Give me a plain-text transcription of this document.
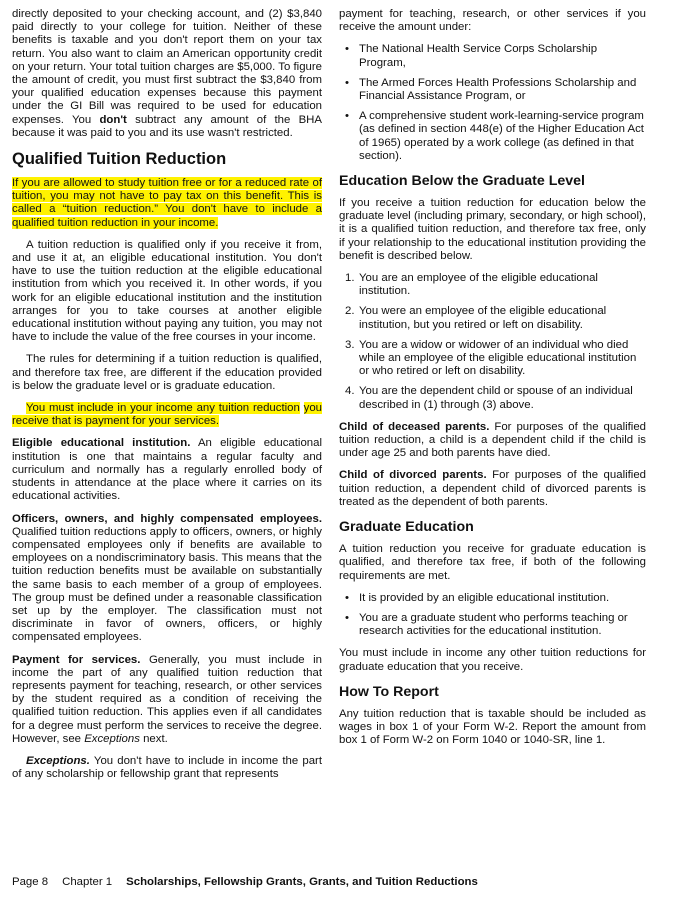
directly deposited to your checking account, and (2) $3,840 paid directly to your college for tuition. Neither of these benefits is taxable and you don't report them on your tax return. You also want to claim an American opportunity credit on your return. Your total tuition charges are $5,000. To figure the amount of credit, you must first subtract the $3,840 from your qualified education expenses because this payment under the GI Bill was required to be used for education expenses. You don't subtract any amount of the BHA because it was paid to you and its use wasn't restricted.

Qualified Tuition Reduction

If you are allowed to study tuition free or for a reduced rate of tuition, you may not have to pay tax on this benefit. This is called a “tuition reduction.” You don't have to include a qualified tuition reduction in your income.

A tuition reduction is qualified only if you receive it from, and use it at, an eligible educational institution. You don't have to use the tuition reduction at the eligible educational institution from which you received it. In other words, if you work for an eligible educational institution and the institution arranges for you to take courses at another eligible educational institution without paying any tuition, you may not have to include the value of the free courses in your income.

The rules for determining if a tuition reduction is qualified, and therefore tax free, are different if the education provided is below the graduate level or is graduate education.

You must include in your income any tuition reduction you receive that is payment for your services.

Eligible educational institution. An eligible educational institution is one that maintains a regular faculty and curriculum and normally has a regularly enrolled body of students in attendance at the place where it carries on its educational activities.

Officers, owners, and highly compensated employees. Qualified tuition reductions apply to officers, owners, or highly compensated employees only if benefits are available to employees on a nondiscriminatory basis. This means that the tuition reduction benefits must be available on substantially the same basis to each member of a group of employees. The group must be defined under a reasonable classification set up by the employer. The classification must not discriminate in favor of owners, officers, or highly compensated employees.

Payment for services. Generally, you must include in income the part of any qualified tuition reduction that represents payment for teaching, research, or other services by the student required as a condition of receiving the qualified tuition reduction. This applies even if all candidates for a degree must perform the services to receive the degree. However, see Exceptions next.

Exceptions. You don't have to include in income the part of any scholarship or fellowship grant that represents

payment for teaching, research, or other services if you receive the amount under:

• The National Health Service Corps Scholarship Program,
• The Armed Forces Health Professions Scholarship and Financial Assistance Program, or
• A comprehensive student work-learning-service program (as defined in section 448(e) of the Higher Education Act of 1965) operated by a work college (as defined in that section).
Education Below the Graduate Level

If you receive a tuition reduction for education below the graduate level (including primary, secondary, or high school), it is a qualified tuition reduction, and therefore tax free, only if your relationship to the educational institution providing the benefit is described below.

1. You are an employee of the eligible educational institution.
2. You were an employee of the eligible educational institution, but you retired or left on disability.
3. You are a widow or widower of an individual who died while an employee of the eligible educational institution or who retired or left on disability.
4. You are the dependent child or spouse of an individual described in (1) through (3) above.

Child of deceased parents. For purposes of the qualified tuition reduction, a child is a dependent child if the child is under age 25 and both parents have died.

Child of divorced parents. For purposes of the qualified tuition reduction, a dependent child of divorced parents is treated as the dependent of both parents.

Graduate Education

A tuition reduction you receive for graduate education is qualified, and therefore tax free, if both of the following requirements are met.

• It is provided by an eligible educational institution.
• You are a graduate student who performs teaching or research activities for the educational institution.

You must include in income any other tuition reductions for graduate education that you receive.

How To Report

Any tuition reduction that is taxable should be included as wages in box 1 of your Form W-2. Report the amount from box 1 of Form W-2 on Form 1040 or 1040-SR, line 1.

Page 8 Chapter 1 Scholarships, Fellowship Grants, Grants, and Tuition Reductions
